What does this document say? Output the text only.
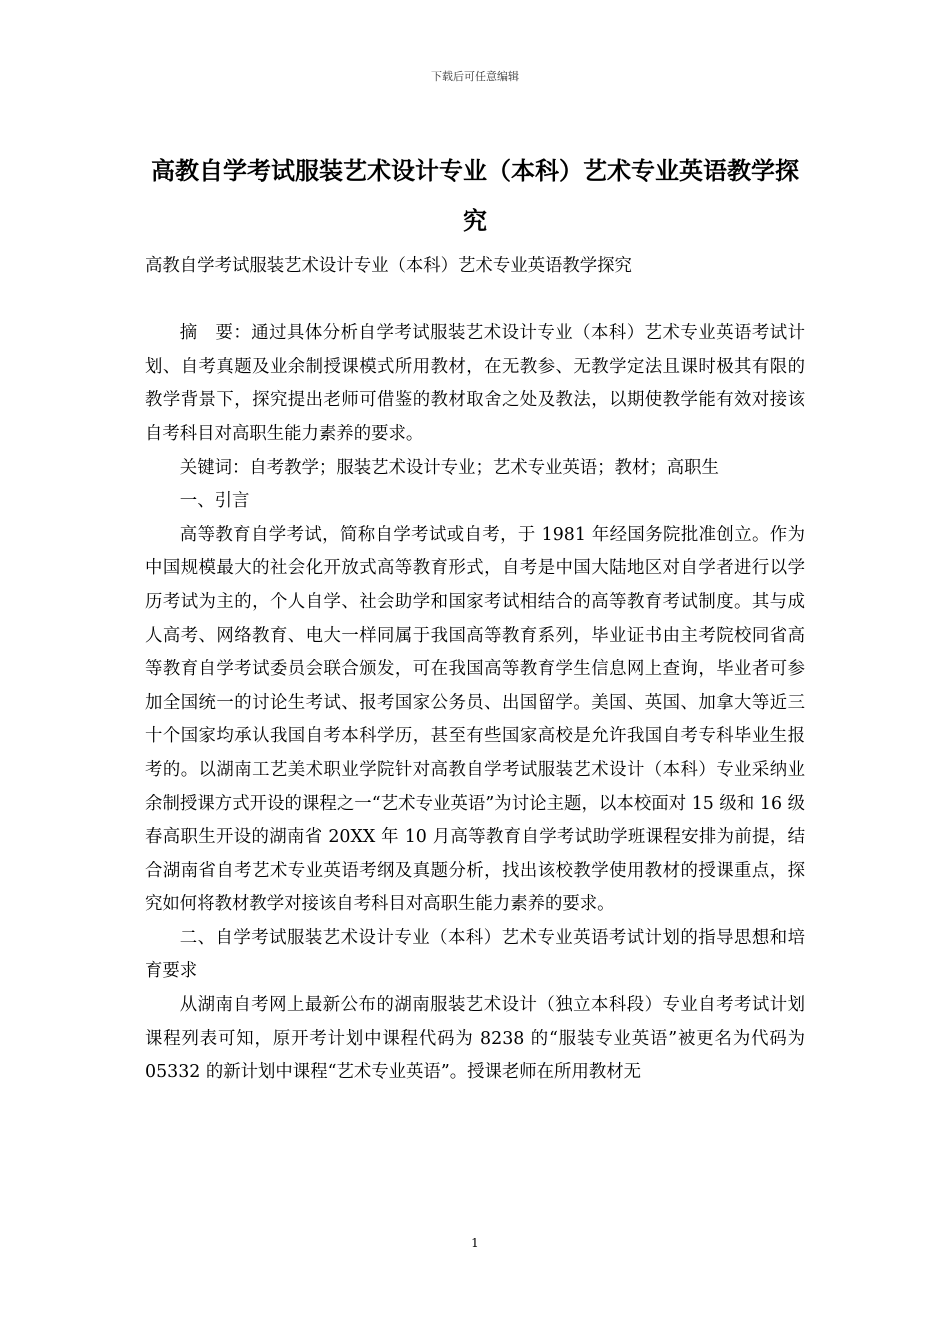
下载后可任意编辑
高教自学考试服装艺术设计专业（本科）艺术专业英语教学探究

高教自学考试服装艺术设计专业（本科）艺术专业英语教学探究

摘　要：通过具体分析自学考试服装艺术设计专业（本科）艺术专业英语考试计划、自考真题及业余制授课模式所用教材，在无教参、无教学定法且课时极其有限的教学背景下，探究提出老师可借鉴的教材取舍之处及教法，以期使教学能有效对接该自考科目对高职生能力素养的要求。

关键词：自考教学；服装艺术设计专业；艺术专业英语；教材；高职生

一、引言

高等教育自学考试，简称自学考试或自考，于 1981 年经国务院批准创立。作为中国规模最大的社会化开放式高等教育形式，自考是中国大陆地区对自学者进行以学历考试为主的，个人自学、社会助学和国家考试相结合的高等教育考试制度。其与成人高考、网络教育、电大一样同属于我国高等教育系列，毕业证书由主考院校同省高等教育自学考试委员会联合颁发，可在我国高等教育学生信息网上查询，毕业者可参加全国统一的讨论生考试、报考国家公务员、出国留学。美国、英国、加拿大等近三十个国家均承认我国自考本科学历，甚至有些国家高校是允许我国自考专科毕业生报考的。以湖南工艺美术职业学院针对高教自学考试服装艺术设计（本科）专业采纳业余制授课方式开设的课程之一“艺术专业英语”为讨论主题，以本校面对 15 级和 16 级春高职生开设的湖南省 20XX 年 10 月高等教育自学考试助学班课程安排为前提，结合湖南省自考艺术专业英语考纲及真题分析，找出该校教学使用教材的授课重点，探究如何将教材教学对接该自考科目对高职生能力素养的要求。

二、自学考试服装艺术设计专业（本科）艺术专业英语考试计划的指导思想和培育要求

从湖南自考网上最新公布的湖南服装艺术设计（独立本科段）专业自考考试计划课程列表可知，原开考计划中课程代码为 8238 的“服装专业英语”被更名为代码为 05332 的新计划中课程“艺术专业英语”。授课老师在所用教材无

1
